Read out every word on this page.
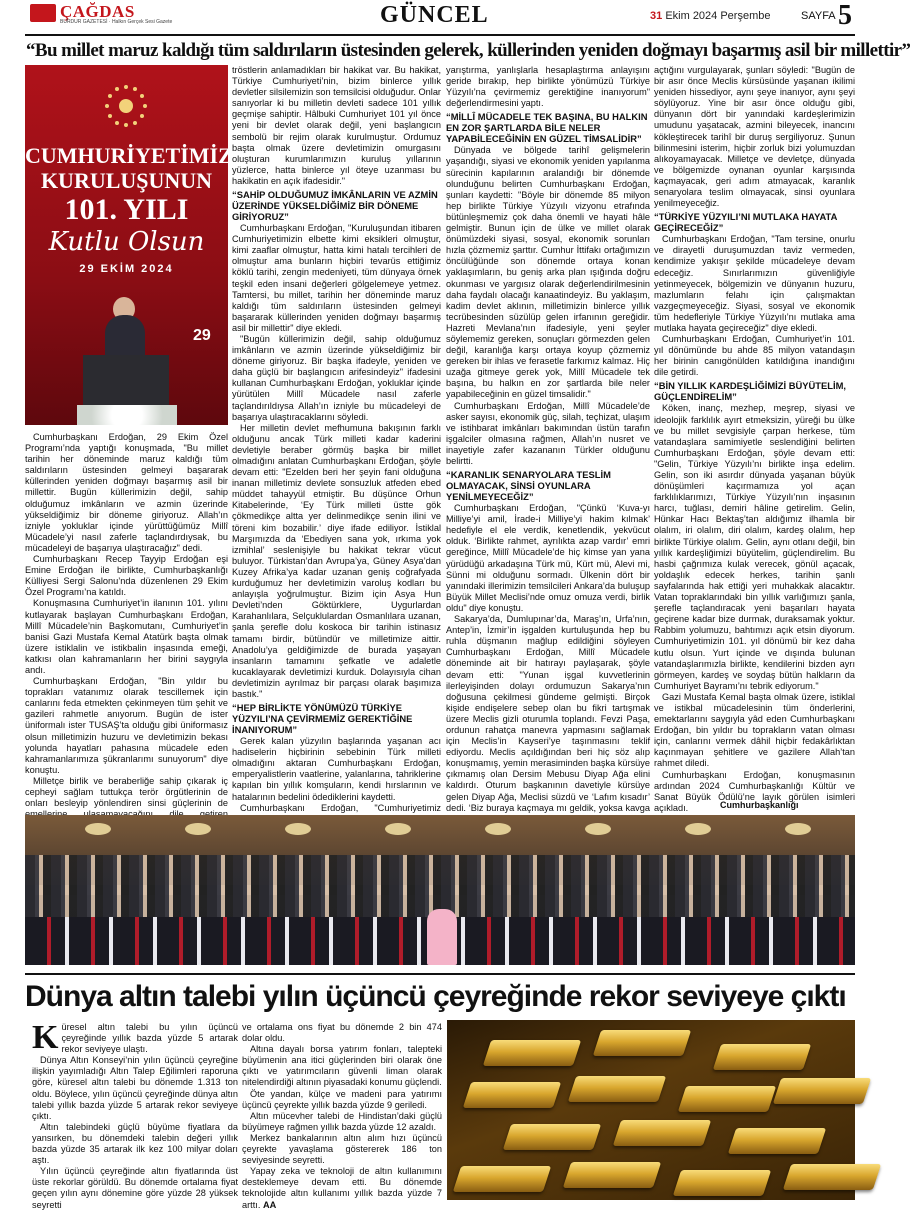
ÇAĞDAS
BURDUR GAZETESİ · Halkın Gerçek Sesi Gazete	GÜNCEL	31 Ekim 2024 Perşembe	SAYFA 5
“Bu millet maruz kaldığı tüm saldırıların üstesinden gelerek, küllerinden yeniden doğmayı başarmış asil bir millettir”
CUMHURİYETİMİZİN
KURULUŞUNUN
101. YILI
Kutlu Olsun
29 EKİM 2024
29

Cumhurbaşkanı Erdoğan, 29 Ekim Özel Programı’nda yaptığı konuşmada, "Bu millet tarihin her döneminde maruz kaldığı tüm saldırıların üstesinden gelmeyi başararak küllerinden yeniden doğmayı başarmış asil bir millettir. Bugün küllerimizin değil, sahip olduğumuz imkânların ve azmin üzerinde yükseldiğimiz bir döneme giriyoruz. Allah’ın izniyle yokluklar içinde yürüttüğümüz Millî Mücadele’yi nasıl zaferle taçlandırdıysak, bu mücadeleyi de başarıya ulaştıracağız" dedi.

Cumhurbaşkanı Recep Tayyip Erdoğan eşi Emine Erdoğan ile birlikte, Cumhurbaşkanlığı Külliyesi Sergi Salonu’nda düzenlenen 29 Ekim Özel Programı’na katıldı.

Konuşmasına Cumhuriyet’in ilanının 101. yılını kutlayarak başlayan Cumhurbaşkanı Erdoğan, Millî Mücadele’nin Başkomutanı, Cumhuriyet’in banisi Gazi Mustafa Kemal Atatürk başta olmak üzere istiklalin ve istikbalin inşasında emeği, katkısı olan kahramanların her birini saygıyla andı.

Cumhurbaşkanı Erdoğan, "Bin yıldır bu toprakları vatanımız olarak tescillemek için canlarını feda etmekten çekinmeyen tüm şehit ve gazileri rahmetle anıyorum. Bugün de ister üniformalı ister TUSAŞ’ta olduğu gibi üniformasız olsun milletimizin huzuru ve devletimizin bekası yolunda hayatları pahasına mücadele eden kahramanlarımıza şükranlarımı sunuyorum" diye konuştu.

Milletçe birlik ve beraberliğe sahip çıkarak iç cepheyi sağlam tuttukça terör örgütlerinin de onları besleyip yönlendiren sinsi güçlerinin de

tröstlerin anlamadıkları bir hakikat var. Bu hakikat, Türkiye Cumhuriyeti’nin, bizim binlerce yıllık devletler silsilemizin son temsilcisi olduğudur. Onlar sanıyorlar ki bu milletin devleti sadece 101 yıllık geçmişe sahiptir. Hâlbuki Cumhuriyet 101 yıl önce yeni bir devlet olarak değil, yeni başlangıcın sembolü bir rejim olarak kurulmuştur. Ordumuz başta olmak üzere devletimizin omurgasını oluşturan kurumlarımızın kuruluş yıllarının yüzlerce, hatta binlerce yıl öteye uzanması bu hakikatin en açık ifadesidir."

“SAHİP OLDUĞUMUZ İMKÂNLARIN VE AZMİN ÜZERİNDE YÜKSELDİĞİMİZ BİR DÖNEME GİRİYORUZ”

Cumhurbaşkanı Erdoğan, "Kuruluşundan itibaren Cumhuriyetimizin elbette kimi eksikleri olmuştur, kimi zaaflar olmuştur, hatta kimi hatalı tercihleri de olmuştur ama bunların hiçbiri tevarüs ettiğimiz köklü tarihi, zengin medeniyeti, tüm dünyaya örnek teşkil eden insani değerleri gölgelemeye yetmez. Tamtersi, bu millet, tarihin her döneminde maruz kaldığı tüm saldırıların üstesinden gelmeyi başararak küllerinden yeniden doğmayı başarmış asil bir millettir" diye ekledi.

"Bugün küllerimizin değil, sahip olduğumuz imkânların ve azmin üzerinde yükseldiğimiz bir döneme giriyoruz. Bir başka ifadeyle, yeniden ve daha güçlü bir başlangıcın arifesindeyiz" ifadesini kullanan Cumhurbaşkanı Erdoğan, yokluklar içinde yürütülen Millî Mücadele nasıl zaferle taçlandırıldıysa Allah’ın izniyle bu mücadeleyi de başarıya ulaştıracaklarını söyledi.

Her milletin devlet mefhumuna bakışının farklı olduğunu ancak Türk milleti kadar kaderini devletiyle beraber görmüş başka bir millet olmadığını anlatan Cumhurbaşkanı Erdoğan, şöyle devam etti: "Ezelden beri her şeyin fani olduğuna inanan milletimiz devlete sonsuzluk atfeden ebed müddet tahayyül etmiştir. Bu düşünce Orhun Kitabelerinde, ‘Ey Türk milleti üstte gök çökmedikçe altta yer delinmedikçe senin ilini ve töreni kim bozabilir.’ diye ifade ediliyor. İstiklal Marşımızda da ‘Ebediyen sana yok, ırkıma yok izmihlal’ seslenişiyle bu hakikat tekrar vücut buluyor. Türkistan’dan Avrupa’ya, Güney Asya’dan Kuzey Afrika’ya kadar uzanan geniş coğrafyada kurduğumuz her devletimizin varoluş kodları bu anlayışla yoğrulmuştur. Bizim için Asya Hun Devleti’nden Göktürklere, Uygurlardan Karahanlılara, Selçuklulardan Osmanlılara uzanan, şanla şerefle dolu koskoca bir tarihin istinasız tamamı birdir, bütündür ve milletimize aittir. Anadolu’ya geldiğimizde de burada yaşayan insanların tamamını şefkatle ve adaletle kucaklayarak devletimizi kurduk. Dolayısıyla cihan devletimizin ayrılmaz bir parçası olarak başımıza bastık."

“HEP BİRLİKTE YÖNÜMÜZÜ TÜRKİYE YÜZYILI’NA ÇEVİRMEMİZ GEREKTİĞİNE İNANIYORUM”

Gerek kalan yüzyılın başlarında yaşanan acı hadiselerin hiçbirinin sebebinin Türk milleti olmadığını aktaran Cumhurbaşkanı Erdoğan, emperyalistlerin vaatlerine, yalanlarına, tahriklerine kapılan bin yıllık komşuların, kendi hırslarının ve hatalarının bedelini ödediklerini kaydetti.

Cumhurbaşkanı Erdoğan, "Cumhuriyetimiz

yarıştırma, yanlışlarla hesaplaştırma anlayışını geride bırakıp, hep birlikte yönümüzü Türkiye Yüzyılı’na çevirmemiz gerektiğine inanıyorum" değerlendirmesini yaptı.

“MİLLÎ MÜCADELE TEK BAŞINA, BU HALKIN EN ZOR ŞARTLARDA BİLE NELER YAPABİLECEĞİNİN EN GÜZEL TİMSALİDİR”

Dünyada ve bölgede tarihî gelişmelerin yaşandığı, siyasi ve ekonomik yeniden yapılanma sürecinin kapılarının aralandığı bir dönemde olunduğunu belirten Cumhurbaşkanı Erdoğan, şunları kaydetti: "Böyle bir dönemde 85 milyon hep birlikte Türkiye Yüzyılı vizyonu etrafında bütünleşmemiz çok daha önemli ve hayati hâle gelmiştir. Bunun için de ülke ve millet olarak önümüzdeki siyasi, sosyal, ekonomik sorunları hızla çözmemiz şarttır. Cumhur İttifakı ortağımızın öncülüğünde son dönemde ortaya konan yaklaşımların, bu geniş arka plan ışığında doğru okunması ve yargısız olarak değerlendirilmesinin daha faydalı olacağı kanaatindeyiz. Bu yaklaşım, kadim devlet aklının, milletimizin binlerce yıllık tecrübesinden süzülüp gelen irfanının gereğidir. Hazreti Mevlana’nın ifadesiyle, yeni şeyler söylememiz gereken, sonuçları görmezden gelen değil, karanlığa karşı ortaya koyup çözmemiz gereken bir ihlas ve ferasetle farkımız kalmaz. Hiç uzağa gitmeye gerek yok, Millî Mücadele tek başına, bu halkın en zor şartlarda bile neler yapabileceğinin en güzel timsalidir."

Cumhurbaşkanı Erdoğan, Millî Mücadele’de asker sayısı, ekonomik güç, silah, teçhizat, ulaşım ve istihbarat imkânları bakımından üstün tarafın işgalciler olmasına rağmen, Allah’ın nusret ve inayetiyle zafer kazananın Türkler olduğunu belirtti.

“KARANLIK SENARYOLARA TESLİM OLMAYACAK, SİNSİ OYUNLARA YENİLMEYECEĞİZ”

Cumhurbaşkanı Erdoğan, "Çünkü ‘Kuva-yı Milliye’yi amil, İrade-i Milliye’yi hakim kılmak’ hedefiyle el ele verdik, kenetlendik, yekvücut olduk. ‘Birlikte rahmet, ayrılıkta azap vardır’ emri gereğince, Millî Mücadele’de hiç kimse yan yana yürüdüğü arkadaşına Türk mü, Kürt mü, Alevi mi, Sünni mi olduğunu sormadı. Ülkenin dört bir yanındaki illerimizin temsilcileri Ankara’da buluşup Büyük Millet Meclisi’nde omuz omuza verdi, birlik oldu" diye konuştu.

Sakarya’da, Dumlupınar’da, Maraş’ın, Urfa’nın, Antep’in, İzmir’in işgalden kurtuluşunda hep bu ruhla düşmanın mağlup edildiğini söyleyen Cumhurbaşkanı Erdoğan, Millî Mücadele döneminde ait bir hatırayı paylaşarak, şöyle devam etti: "Yunan işgal kuvvetlerinin ilerleyişinden dolayı ordumuzun Sakarya’nın doğusuna çekilmesi gündeme gelmişti. Birçok kişide endişelere sebep olan bu fikri tartışmak üzere Meclis gizli oturumla toplandı. Fevzi Paşa, ordunun rahatça manevra yapmasını sağlamak için Meclis’in Kayseri’ye taşınmasını teklif ediyordu. Meclis açıldığından beri hiç söz alıp konuşmamış, yemin merasiminden başka kürsüye çıkmamış olan Dersim Mebusu Diyap Ağa elini kaldırdı. Oturum başkanının davetiyle kürsüye gelen Diyap Ağa, Meclisi süzdü ve ‘Lafım kısadır’ dedi. ‘Biz buraya kaçmaya mı geldik, yoksa kavga

açtığını vurgulayarak, şunları söyledi: "Bugün de bir asır önce Meclis kürsüsünde yaşanan ikilimi yeniden hissediyor, aynı şeye inanıyor, aynı şeyi söylüyoruz. Yine bir asır önce olduğu gibi, dünyanın dört bir yanındaki kardeşlerimizin umudunu yaşatacak, azmini bileyecek, inancını kökleştirecek tarihî bir duruş sergiliyoruz. Şunun bilinmesini isterim, hiçbir zorluk bizi yolumuzdan alıkoyamayacak. Milletçe ve devletçe, dünyada ve bölgemizde oynanan oyunlar karşısında kaçmayacak, geri adım atmayacak, karanlık senaryolara teslim olmayacak, sinsi oyunlara yenilmeyeceğiz.

“TÜRKİYE YÜZYILI’NI MUTLAKA HAYATA GEÇİRECEĞİZ”

Cumhurbaşkanı Erdoğan, "Tam tersine, onurlu ve dirayetli duruşumuzdan taviz vermeden, kendimize yakışır şekilde mücadeleye devam edeceğiz. Sınırlarımızın güvenliğiyle yetinmeyecek, bölgemizin ve dünyanın huzuru, mazlumların felahı için çalışmaktan vazgeçmeyeceğiz. Siyasi, sosyal ve ekonomik tüm hedefleriyle Türkiye Yüzyılı’nı mutlaka ama mutlaka hayata geçireceğiz" diye ekledi.

Cumhurbaşkanı Erdoğan, Cumhuriyet’in 101. yıl dönümünde bu ahde 85 milyon vatandaşın her birinin canıgönülden katıldığına inandığını dile getirdi.

“BİN YILLIK KARDEŞLİĞİMİZİ BÜYÜTELİM, GÜÇLENDİRELİM”

Köken, inanç, mezhep, meşrep, siyasi ve ideolojik farklılık ayırt etmeksizin, yüreği bu ülke ve bu millet sevgisiyle çarpan herkese, tüm vatandaşlara samimiyetle seslendiğini belirten Cumhurbaşkanı Erdoğan, şöyle devam etti: "Gelin, Türkiye Yüzyılı’nı birlikte inşa edelim. Gelin, son iki asırdır dünyada yaşanan büyük dönüşümleri kaçırmamıza yol açan farklılıklarımızı, Türkiye Yüzyılı’nın inşasının harcı, tuğlası, demiri hâline getirelim. Gelin, Hünkar Hacı Bektaş’tan aldığımız ilhamla bir olalım, iri olalım, diri olalım, kardeş olalım, hep birlikte Türkiye olalım. Gelin, aynı otlanı değil, bin yıllık kardeşliğimizi büyütelim, güçlendirelim. Bu hasbi çağrımıza kulak verecek, gönül açacak, yoldaşlık edecek herkes, tarihin şanlı sayfalarında hak ettiği yeri muhakkak alacaktır. Vatan topraklarındaki bin yıllık varlığımızı şanla, şerefle taçlandıracak yeni başarıları hayata geçirene kadar bize durmak, duraksamak yoktur. Rabbim yolumuzu, bahtımızı açık etsin diyorum. Cumhuriyetimizin 101. yıl dönümü bir kez daha kutlu olsun. Yurt içinde ve dışında bulunan vatandaşlarımızla birlikte, kendilerini bizden ayrı görmeyen, kardeş ve soydaş bütün halkların da Cumhuriyet Bayramı’nı tebrik ediyorum."

Gazi Mustafa Kemal başta olmak üzere, istiklal ve istikbal mücadelesinin tüm önderlerini, emektarlarını saygıyla yâd eden Cumhurbaşkanı Erdoğan, bin yıldır bu toprakların vatan olması için, canlarını vermek dâhil hiçbir fedakârlıktan kaçınmayan şehitlere ve gazilere Allah’tan rahmet diledi.

Cumhurbaşkanı Erdoğan, konuşmasının ardından 2024 Cumhurbaşkanlığı Kültür ve Sanat Büyük Ödülü’ne layık görülen isimleri açıkladı.	Cumhurbaşkanlığı
Dünya altın talebi yılın üçüncü çeyreğinde rekor seviyeye çıktı
K üresel altın talebi bu yılın üçüncü çeyreğinde yıllık bazda yüzde 5 artarak rekor seviyeye ulaştı.

Dünya Altın Konseyi’nin yılın üçüncü çeyreğine ilişkin yayımladığı Altın Talep Eğilimleri raporuna göre, küresel altın talebi bu dönemde 1.313 ton oldu. Böylece, yılın üçüncü çeyreğinde dünya altın talebi yıllık bazda yüzde 5 artarak rekor seviyeye çıktı.

Altın talebindeki güçlü büyüme fiyatlara da yansırken, bu dönemdeki talebin değeri yıllık bazda yüzde 35 artarak ilk kez 100 milyar doları aştı.

Yılın üçüncü çeyreğinde altın fiyatlarında üst üste rekorlar görüldü. Bu dönemde ortalama fiyat geçen yılın aynı dönemine göre yüzde 28 yüksek seyretti

ve ortalama ons fiyat bu dönemde 2 bin 474 dolar oldu.

Altına dayalı borsa yatırım fonları, talepteki büyümenin ana itici güçlerinden biri olarak öne çıktı ve yatırımcıların güvenli liman olarak nitelendirdiği altının piyasadaki konumu güçlendi.

Öte yandan, külçe ve madeni para yatırımı üçüncü çeyrekte yıllık bazda yüzde 9 geriledi.

Altın mücevher talebi de Hindistan’daki güçlü büyümeye rağmen yıllık bazda yüzde 12 azaldı.

Merkez bankalarının altın alım hızı üçüncü çeyrekte yavaşlama göstererek 186 ton seviyesinde seyretti.

Yapay zeka ve teknoloji de altın kullanımını desteklemeye devam etti. Bu dönemde teknolojide altın kullanımı yıllık bazda yüzde 7 arttı. AA
